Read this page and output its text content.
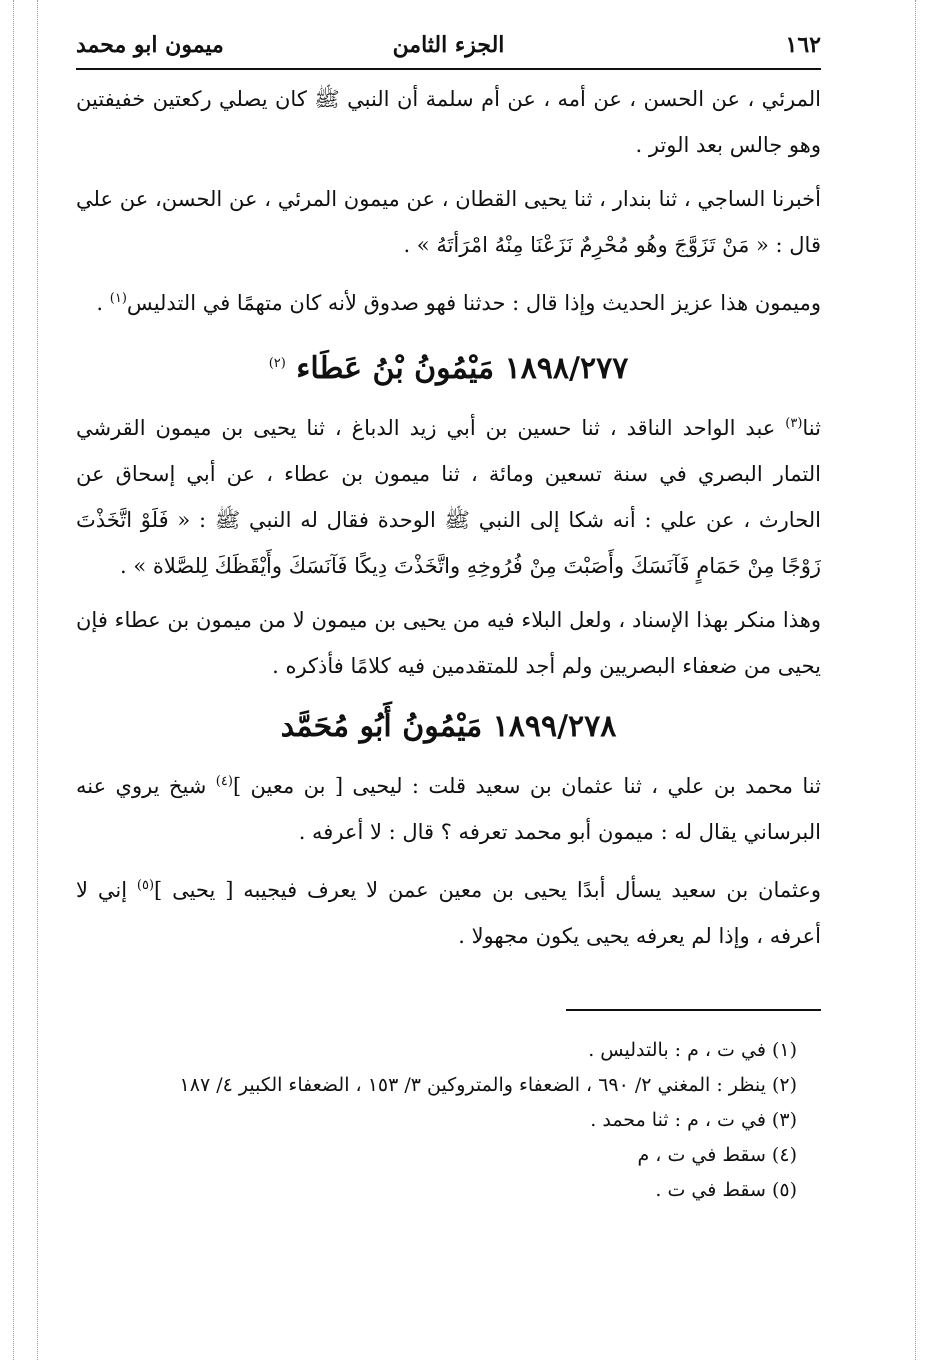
١٦٢
الجزء الثامن
ميمون ابو محمد

المرئي ، عن الحسن ، عن أمه ، عن أم سلمة أن النبي ﷺ كان يصلي ركعتين خفيفتين وهو جالس بعد الوتر .

أخبرنا الساجي ، ثنا بندار ، ثنا يحيى القطان ، عن ميمون المرئي ، عن الحسن، عن علي قال : « مَنْ تَزَوَّجَ وهُو مُحْرِمٌ نَزَعْنَا مِنْهُ امْرَأتَهُ » .

وميمون هذا عزيز الحديث وإذا قال : حدثنا فهو صدوق لأنه كان متهمًا في التدليس$^{(١)}$ .

١٨٩٨/٢٧٧ مَيْمُونُ بْنُ عَطَاء $^{(٢)}$

ثنا$^{(٣)}$ عبد الواحد الناقد ، ثنا حسين بن أبي زيد الدباغ ، ثنا يحيى بن ميمون القرشي التمار البصري في سنة تسعين ومائة ، ثنا ميمون بن عطاء ، عن أبي إسحاق عن الحارث ، عن علي : أنه شكا إلى النبي ﷺ الوحدة فقال له النبي ﷺ : « فَلَوْ اتَّخَذْتَ زَوْجًا مِنْ حَمَامٍ فَآنَسَكَ وأَصَبْتَ مِنْ فُرُوخِهِ واتَّخَذْتَ دِيكًا فَآنَسَكَ وأَيْقَظَكَ لِلصَّلاة » .

وهذا منكر بهذا الإسناد ، ولعل البلاء فيه من يحيى بن ميمون لا من ميمون بن عطاء فإن يحيى من ضعفاء البصريين ولم أجد للمتقدمين فيه كلامًا فأذكره .

١٨٩٩/٢٧٨ مَيْمُونُ أَبُو مُحَمَّد

ثنا محمد بن علي ، ثنا عثمان بن سعيد قلت : ليحيى [ بن معين ]$^{(٤)}$ شيخ يروي عنه البرساني يقال له : ميمون أبو محمد تعرفه ؟ قال : لا أعرفه .

وعثمان بن سعيد يسأل أبدًا يحيى بن معين عمن لا يعرف فيجيبه [ يحيى ]$^{(٥)}$ إني لا أعرفه ، وإذا لم يعرفه يحيى يكون مجهولا .

(١) في ت ، م : بالتدليس .
(٢) ينظر : المغني ٢/ ٦٩٠ ، الضعفاء والمتروكين ٣/ ١٥٣ ، الضعفاء الكبير ٤/ ١٨٧
(٣) في ت ، م : ثنا محمد .
(٤) سقط في ت ، م
(٥) سقط في ت .
